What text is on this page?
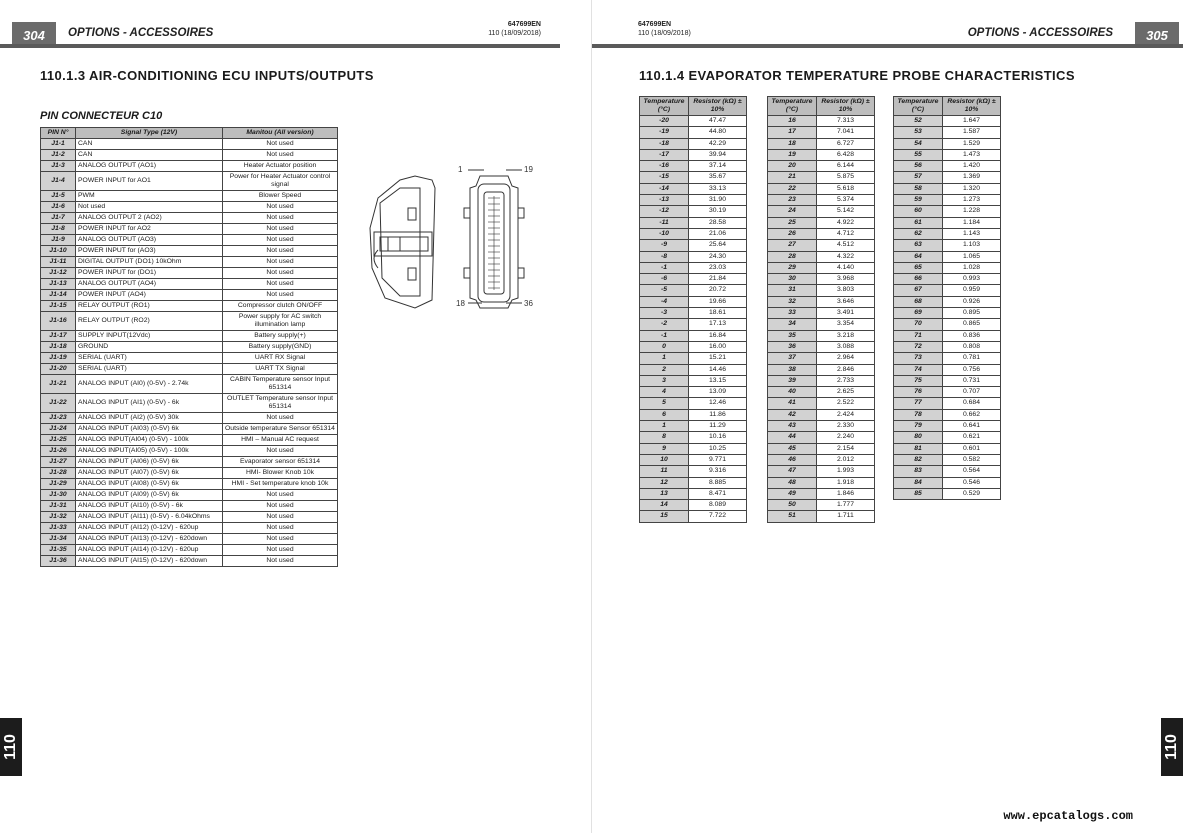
304	OPTIONS - ACCESSOIRES
647699EN
110 (18/09/2018)
110.1.3 AIR-CONDITIONING ECU INPUTS/OUTPUTS
PIN CONNECTEUR C10
PIN N°	Signal Type (12V)	Manitou (All version)
J1-1	CAN	Not used
J1-2	CAN	Not used
J1-3	ANALOG OUTPUT (AO1)	Heater Actuator position
J1-4	POWER INPUT for AO1	Power for Heater Actuator control signal
J1-5	PWM	Blower Speed
J1-6	Not used	Not used
J1-7	ANALOG OUTPUT 2 (AO2)	Not used
J1-8	POWER INPUT for AO2	Not used
J1-9	ANALOG OUTPUT (AO3)	Not used
J1-10	POWER INPUT for (AO3)	Not used
J1-11	DIGITAL OUTPUT (DO1) 10kOhm	Not used
J1-12	POWER INPUT for (DO1)	Not used
J1-13	ANALOG OUTPUT (AO4)	Not used
J1-14	POWER INPUT (AO4)	Not used
J1-15	RELAY OUTPUT (RO1)	Compressor clutch ON/OFF
J1-16	RELAY OUTPUT (RO2)	Power supply for AC switch illumination lamp
J1-17	SUPPLY INPUT(12Vdc)	Battery supply(+)
J1-18	GROUND	Battery supply(GND)
J1-19	SERIAL (UART)	UART RX Signal
J1-20	SERIAL (UART)	UART TX Signal
J1-21	ANALOG INPUT (AI0) (0-5V) - 2.74k	CABIN Temperature sensor Input 651314
J1-22	ANALOG INPUT (AI1) (0-5V) - 6k	OUTLET Temperature sensor Input 651314
J1-23	ANALOG INPUT (AI2) (0-5V) 30k	Not used
J1-24	ANALOG INPUT (AI03) (0-5V) 6k	Outside temperature Sensor 651314
J1-25	ANALOG INPUT(AI04) (0-5V) - 100k	HMI – Manual AC request
J1-26	ANALOG INPUT(AI05) (0-5V) - 100k	Not used
J1-27	ANALOG INPUT (AI06) (0-5V) 6k	Evaporator sensor 651314
J1-28	ANALOG INPUT (AI07) (0-5V) 6k	HMI- Blower Knob 10k
J1-29	ANALOG INPUT (AI08) (0-5V) 6k	HMI - Set temperature knob 10k
J1-30	ANALOG INPUT (AI09) (0-5V) 6k	Not used
J1-31	ANALOG INPUT (AI10) (0-5V) - 6k	Not used
J1-32	ANALOG INPUT (AI11) (0-5V) - 6.04kOhms	Not used
J1-33	ANALOG INPUT (AI12) (0-12V) - 620up	Not used
J1-34	ANALOG INPUT (AI13) (0-12V) - 620down	Not used
J1-35	ANALOG INPUT (AI14) (0-12V) - 620up	Not used
J1-36	ANALOG INPUT (AI15) (0-12V) - 620down	Not used
1	19
18	36
110
305
OPTIONS - ACCESSOIRES
647699EN
110 (18/09/2018)
110.1.4 EVAPORATOR TEMPERATURE PROBE CHARACTERISTICS
Temperature (°C)	Resistor (kΩ) ± 10%
-20	47.47
-19	44.80
-18	42.29
-17	39.94
-16	37.14
-15	35.67
-14	33.13
-13	31.90
-12	30.19
-11	28.58
-10	21.06
-9	25.64
-8	24.30
-1	23.03
-6	21.84
-5	20.72
-4	19.66
-3	18.61
-2	17.13
-1	16.84
0	16.00
1	15.21
2	14.46
3	13.15
4	13.09
5	12.46
6	11.86
1	11.29
8	10.16
9	10.25
10	9.771
11	9.316
12	8.885
13	8.471
14	8.089
15	7.722
Temperature (°C)	Resistor (kΩ) ± 10%
16	7.313
17	7.041
18	6.727
19	6.428
20	6.144
21	5.875
22	5.618
23	5.374
24	5.142
25	4.922
26	4.712
27	4.512
28	4.322
29	4.140
30	3.968
31	3.803
32	3.646
33	3.491
34	3.354
35	3.218
36	3.088
37	2.964
38	2.846
39	2.733
40	2.625
41	2.522
42	2.424
43	2.330
44	2.240
45	2.154
46	2.012
47	1.993
48	1.918
49	1.846
50	1.777
51	1.711
Temperature (°C)	Resistor (kΩ) ± 10%
52	1.647
53	1.587
54	1.529
55	1.473
56	1.420
57	1.369
58	1.320
59	1.273
60	1.228
61	1.184
62	1.143
63	1.103
64	1.065
65	1.028
66	0.993
67	0.959
68	0.926
69	0.895
70	0.865
71	0.836
72	0.808
73	0.781
74	0.756
75	0.731
76	0.707
77	0.684
78	0.662
79	0.641
80	0.621
81	0.601
82	0.582
83	0.564
84	0.546
85	0.529
110
www.epcatalogs.com
